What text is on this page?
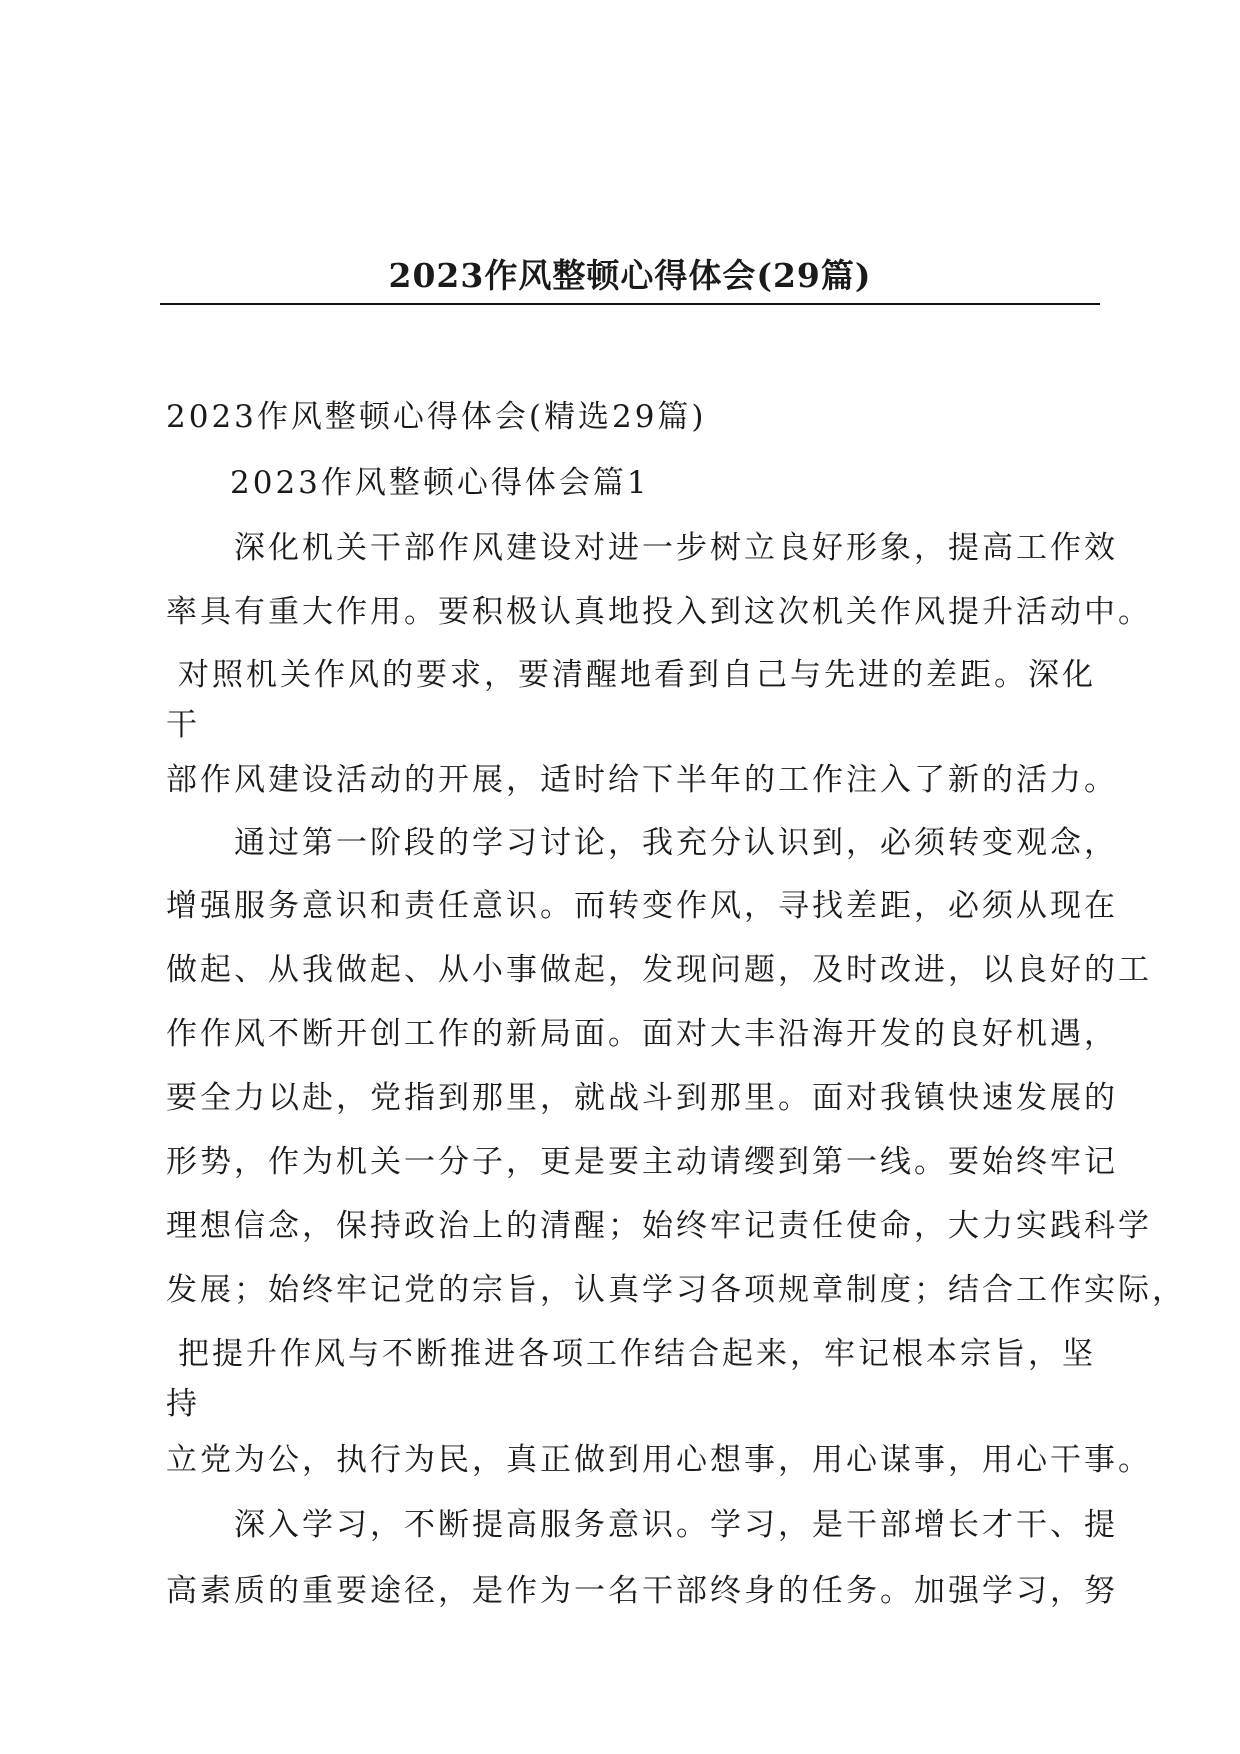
2023作风整顿心得体会(29篇)
2023作风整顿心得体会(精选29篇)
2023作风整顿心得体会篇1
深化机关干部作风建设对进一步树立良好形象，提高工作效
率具有重大作用。要积极认真地投入到这次机关作风提升活动中。
对照机关作风的要求，要清醒地看到自己与先进的差距。深化
干
部作风建设活动的开展，适时给下半年的工作注入了新的活力。
通过第一阶段的学习讨论，我充分认识到，必须转变观念，
增强服务意识和责任意识。而转变作风，寻找差距，必须从现在
做起、从我做起、从小事做起，发现问题，及时改进，以良好的工
作作风不断开创工作的新局面。面对大丰沿海开发的良好机遇，
要全力以赴，党指到那里，就战斗到那里。面对我镇快速发展的
形势，作为机关一分子，更是要主动请缨到第一线。要始终牢记
理想信念，保持政治上的清醒；始终牢记责任使命，大力实践科学
发展；始终牢记党的宗旨，认真学习各项规章制度；结合工作实际，
把提升作风与不断推进各项工作结合起来，牢记根本宗旨，坚
持
立党为公，执行为民，真正做到用心想事，用心谋事，用心干事。
深入学习，不断提高服务意识。学习，是干部增长才干、提
高素质的重要途径，是作为一名干部终身的任务。加强学习，努
